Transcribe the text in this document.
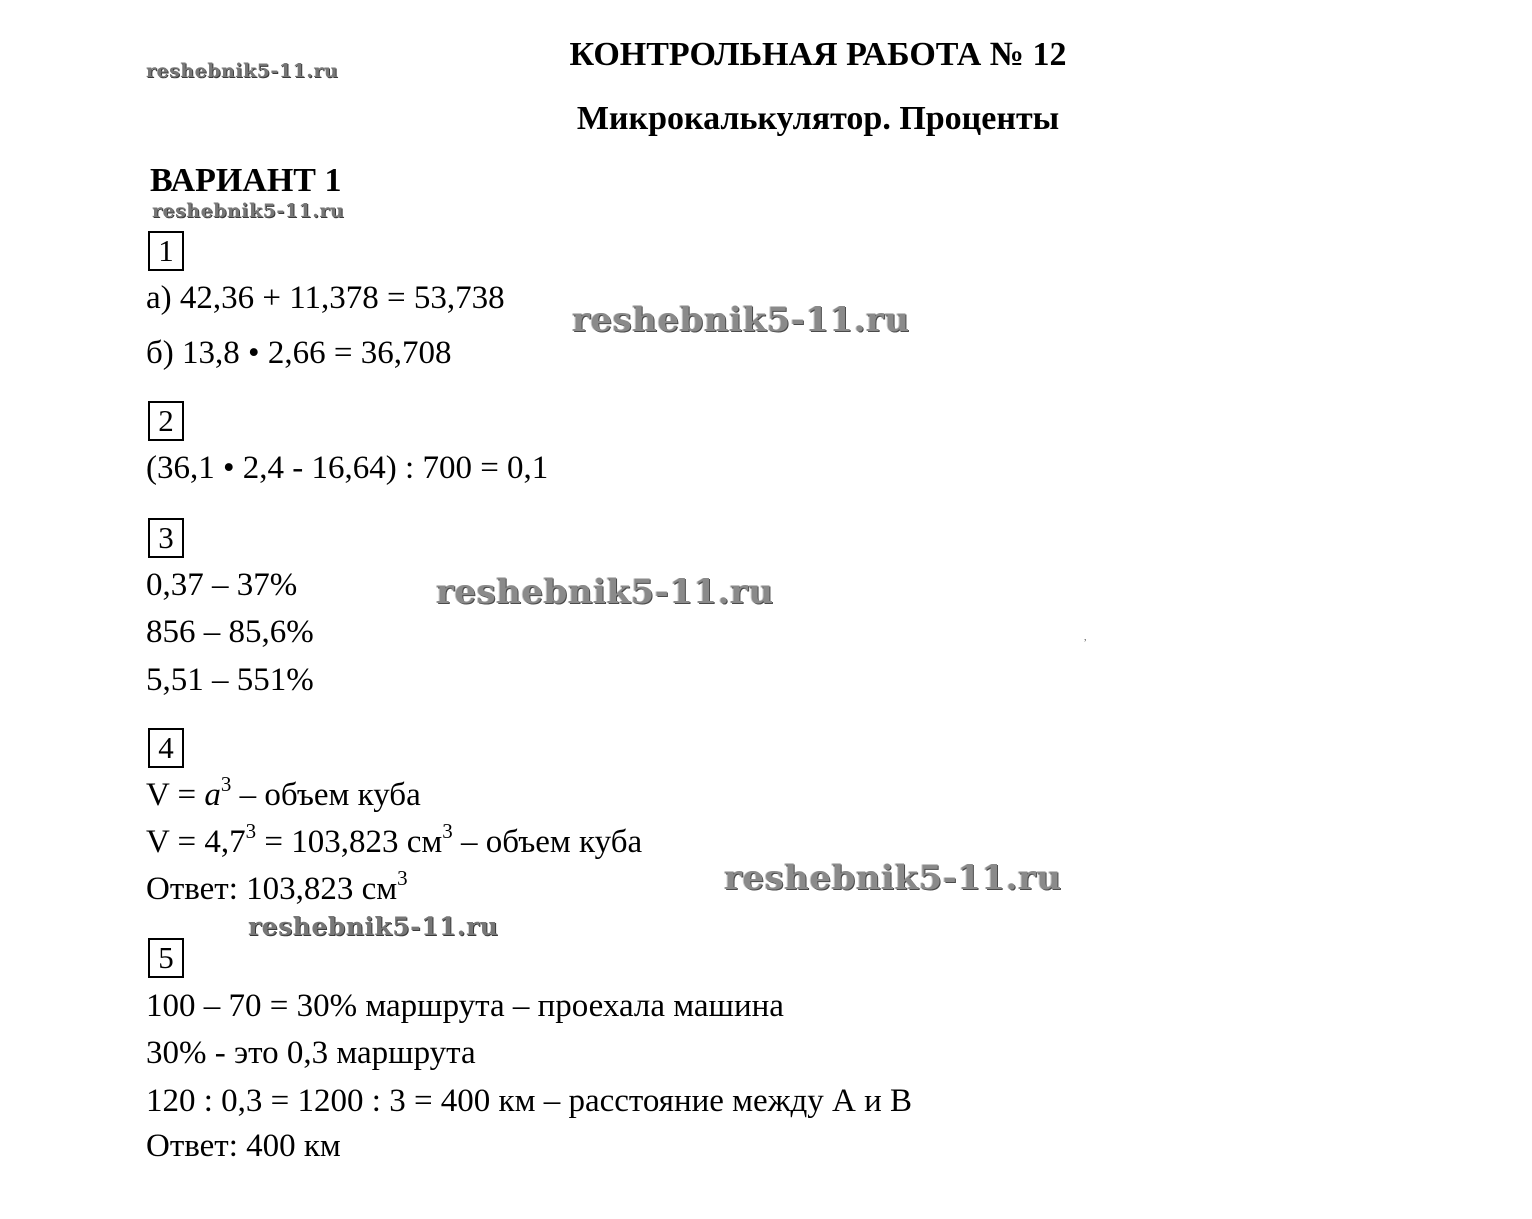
КОНТРОЛЬНАЯ РАБОТА № 12
Микрокалькулятор. Проценты
ВАРИАНТ 1
reshebnik5-11.ru
reshebnik5-11.ru
reshebnik5-11.ru
reshebnik5-11.ru
reshebnik5-11.ru
reshebnik5-11.ru
1
а) 42,36 + 11,378 = 53,738
б) 13,8 • 2,66 = 36,708
2
(36,1 • 2,4 - 16,64) : 700 = 0,1
3
0,37 – 37%
856 – 85,6%
5,51 – 551%
,
4
$V = a^3$ – объем куба
$V = 4,7^3 = 103,823$ $см^3$ – объем куба
Ответ: 103,823 $см^3$
5
100 – 70 = 30% маршрута – проехала машина
30% - это 0,3 маршрута
120 : 0,3 = 1200 : 3 = 400 км – расстояние между А и В
Ответ: 400 км
